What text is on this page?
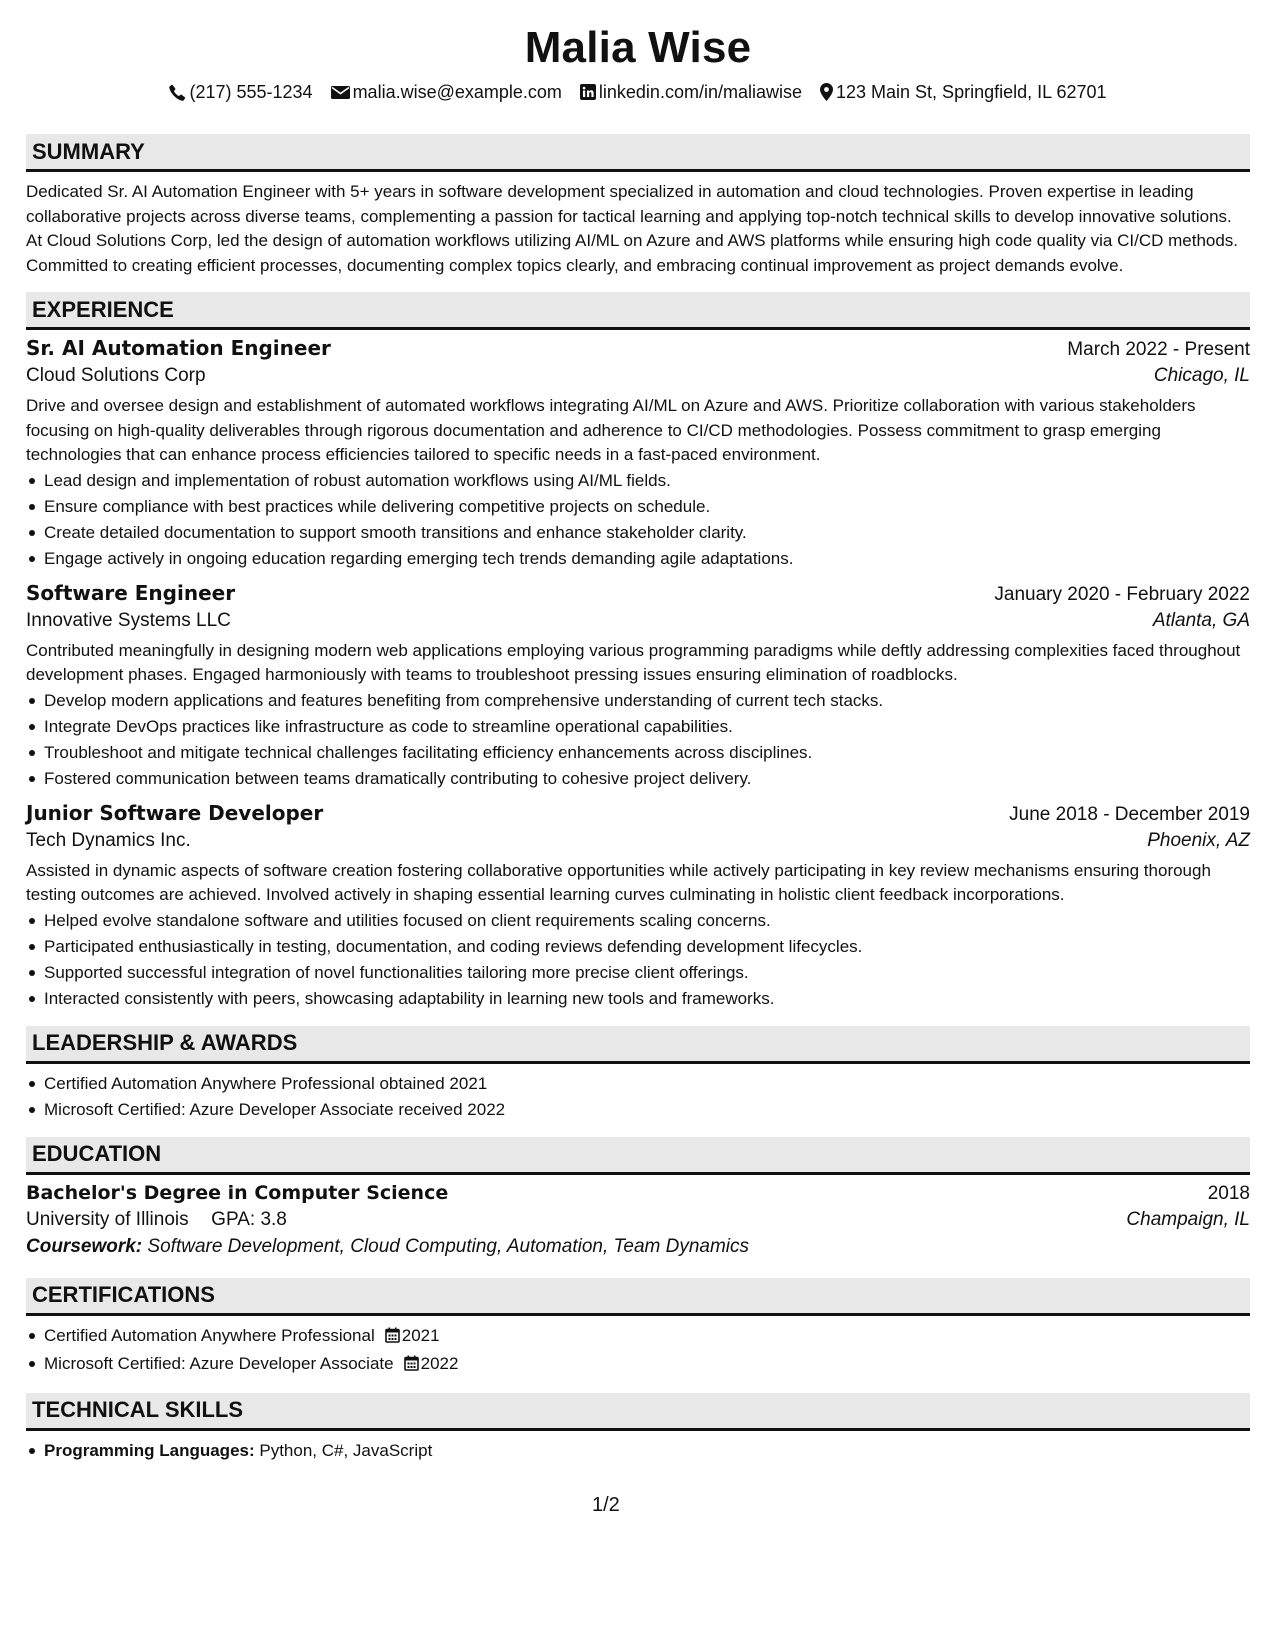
Malia Wise
(217) 555-1234 malia.wise@example.com linkedin.com/in/maliawise 123 Main St, Springfield, IL 62701
SUMMARY
Dedicated Sr. AI Automation Engineer with 5+ years in software development specialized in automation and cloud technologies. Proven expertise in leading collaborative projects across diverse teams, complementing a passion for tactical learning and applying top-notch technical skills to develop innovative solutions. At Cloud Solutions Corp, led the design of automation workflows utilizing AI/ML on Azure and AWS platforms while ensuring high code quality via CI/CD methods. Committed to creating efficient processes, documenting complex topics clearly, and embracing continual improvement as project demands evolve.
EXPERIENCE
Sr. AI Automation Engineer	March 2022 - Present
Cloud Solutions Corp	Chicago, IL
Drive and oversee design and establishment of automated workflows integrating AI/ML on Azure and AWS. Prioritize collaboration with various stakeholders focusing on high-quality deliverables through rigorous documentation and adherence to CI/CD methodologies. Possess commitment to grasp emerging technologies that can enhance process efficiencies tailored to specific needs in a fast-paced environment.
Lead design and implementation of robust automation workflows using AI/ML fields.
Ensure compliance with best practices while delivering competitive projects on schedule.
Create detailed documentation to support smooth transitions and enhance stakeholder clarity.
Engage actively in ongoing education regarding emerging tech trends demanding agile adaptations.
Software Engineer	January 2020 - February 2022
Innovative Systems LLC	Atlanta, GA
Contributed meaningfully in designing modern web applications employing various programming paradigms while deftly addressing complexities faced throughout development phases. Engaged harmoniously with teams to troubleshoot pressing issues ensuring elimination of roadblocks.
Develop modern applications and features benefiting from comprehensive understanding of current tech stacks.
Integrate DevOps practices like infrastructure as code to streamline operational capabilities.
Troubleshoot and mitigate technical challenges facilitating efficiency enhancements across disciplines.
Fostered communication between teams dramatically contributing to cohesive project delivery.
Junior Software Developer	June 2018 - December 2019
Tech Dynamics Inc.	Phoenix, AZ
Assisted in dynamic aspects of software creation fostering collaborative opportunities while actively participating in key review mechanisms ensuring thorough testing outcomes are achieved. Involved actively in shaping essential learning curves culminating in holistic client feedback incorporations.
Helped evolve standalone software and utilities focused on client requirements scaling concerns.
Participated enthusiastically in testing, documentation, and coding reviews defending development lifecycles.
Supported successful integration of novel functionalities tailoring more precise client offerings.
Interacted consistently with peers, showcasing adaptability in learning new tools and frameworks.
LEADERSHIP & AWARDS
Certified Automation Anywhere Professional obtained 2021
Microsoft Certified: Azure Developer Associate received 2022
EDUCATION
Bachelor's Degree in Computer Science	2018
University of Illinois GPA: 3.8	Champaign, IL
Coursework: Software Development, Cloud Computing, Automation, Team Dynamics
CERTIFICATIONS
Certified Automation Anywhere Professional 2021
Microsoft Certified: Azure Developer Associate 2022
TECHNICAL SKILLS
Programming Languages: Python, C#, JavaScript
1/2
